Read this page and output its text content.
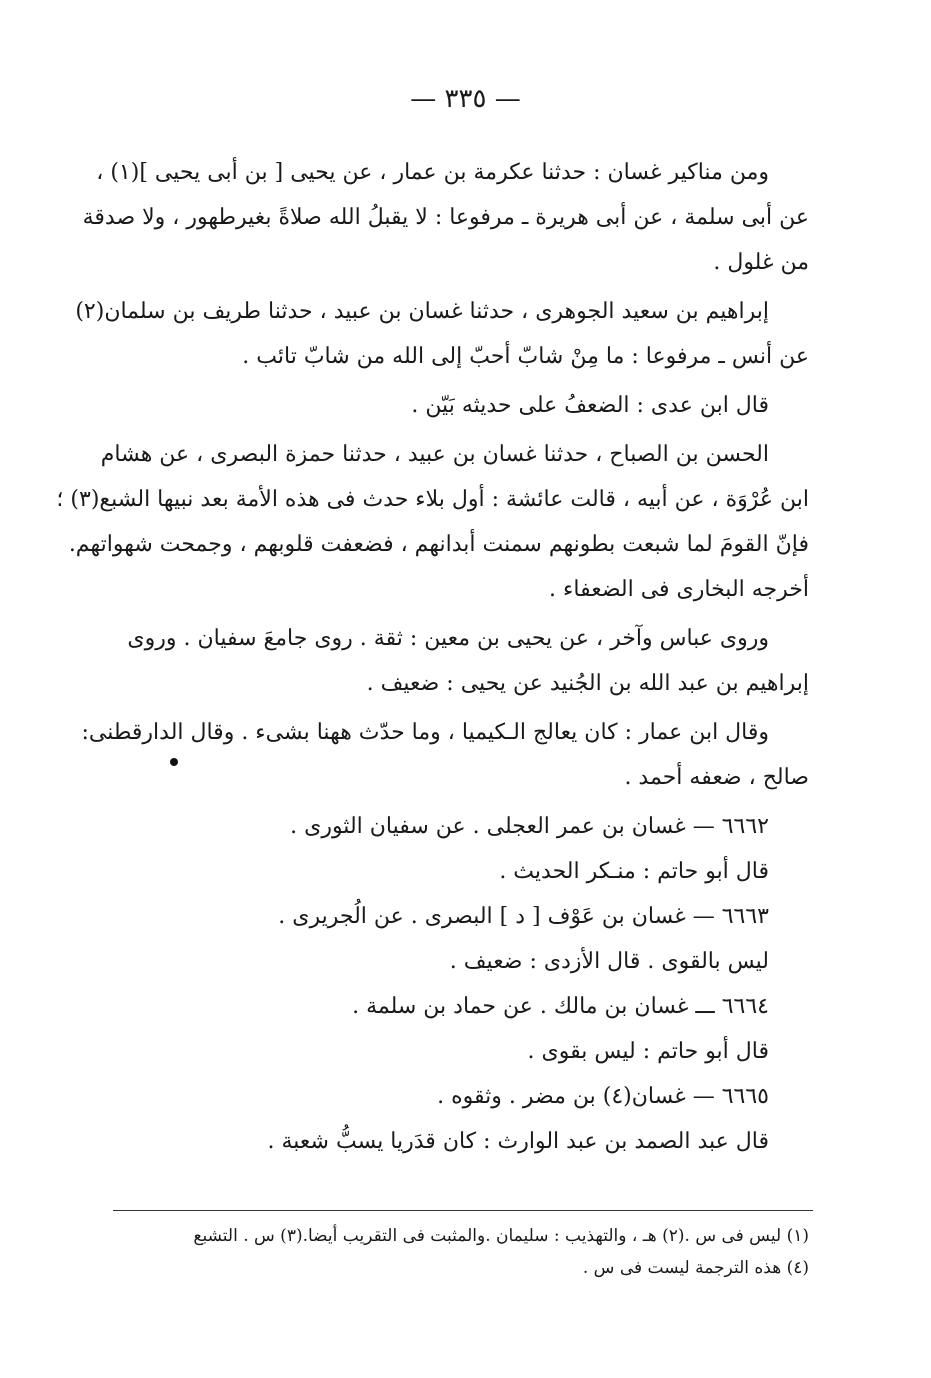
— ٣٣٥ —
ومن مناكير غسان : حدثنا عكرمة بن عمار ، عن يحيى [ بن أبى يحيى ](١) ،
عن أبى سلمة ، عن أبى هريرة ـ مرفوعا : لا يقبلُ الله صلاةً بغيرطهور ، ولا صدقة
من غلول .
إبراهيم بن سعيد الجوهرى ، حدثنا غسان بن عبيد ، حدثنا طريف بن سلمان(٢)
عن أنس ـ مرفوعا : ما مِنْ شابّ أحبّ إلى الله من شابّ تائب .
قال ابن عدى : الضعفُ على حديثه بَيّن .
الحسن بن الصباح ، حدثنا غسان بن عبيد ، حدثنا حمزة البصرى ، عن هشام
ابن عُرْوَة ، عن أبيه ، قالت عائشة : أول بلاء حدث فى هذه الأمة بعد نبيها الشبع(٣) ؛
فإنّ القومَ لما شبعت بطونهم سمنت أبدانهم ، فضعفت قلوبهم ، وجمحت شهواتهم.
أخرجه البخارى فى الضعفاء .
وروى عباس وآخر ، عن يحيى بن معين : ثقة . روى جامعَ سفيان . وروى
إبراهيم بن عبد الله بن الجُنيد عن يحيى : ضعيف .
وقال ابن عمار : كان يعالج الـكيميا ، وما حدّث ههنا بشىء . وقال الدارقطنى:
صالح ، ضعفه أحمد .
٦٦٦٢ — غسان بن عمر العجلى . عن سفيان الثورى .
قال أبو حاتم : منـكر الحديث .
٦٦٦٣ — غسان بن عَوْف [ د ] البصرى . عن الُجريرى .
ليس بالقوى . قال الأزدى : ضعيف .
٦٦٦٤ ـــ غسان بن مالك . عن حماد بن سلمة .
قال أبو حاتم : ليس بقوى .
٦٦٦٥ — غسان(٤) بن مضر . وثقوه .
قال عبد الصمد بن عبد الوارث : كان قدَريا يسبُّ شعبة .
(١) ليس فى س .(٢) هـ ، والتهذيب : سليمان .والمثبت فى التقريب أيضا.(٣) س . التشبع
(٤) هذه الترجمة ليست فى س .
